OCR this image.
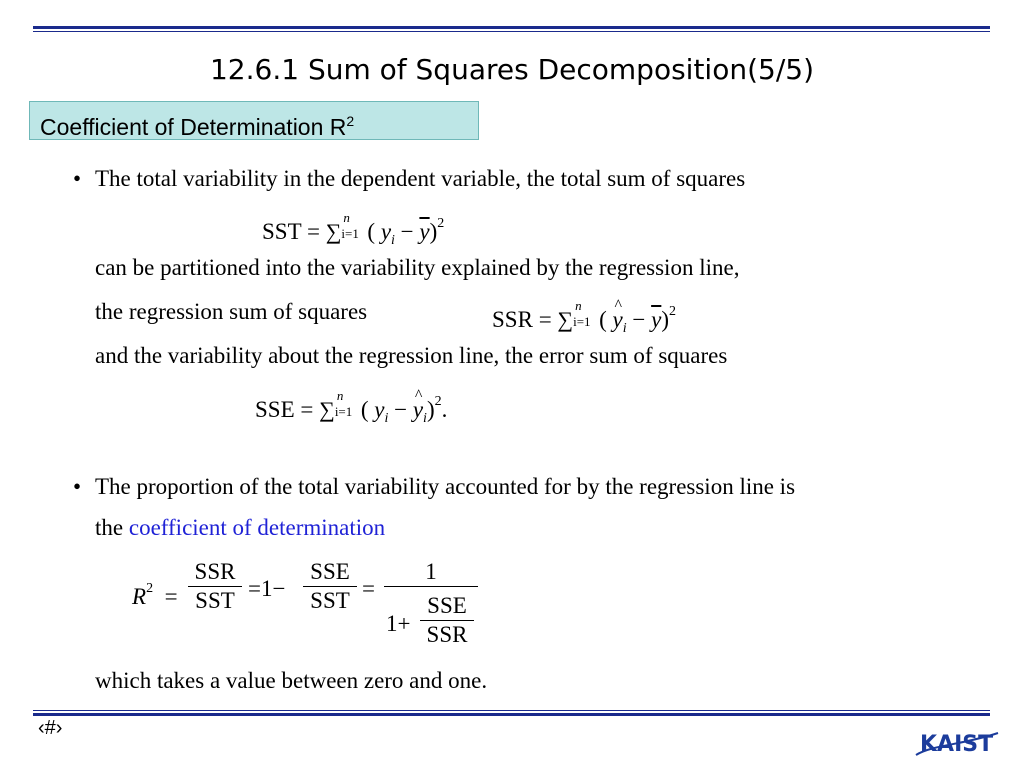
12.6.1 Sum of Squares Decomposition(5/5)
Coefficient of Determination $R^2$
• The total variability in the dependent variable, the total sum of squares
SST = ∑
n
i=1 ( $y_i - \overline{y})^2$
can be partitioned into the variability explained by the regression line,
the regression sum of squares	SSR = ∑
n
i=1 ( ^ $y_i - \overline{y})^2$
and the variability about the regression line, the error sum of squares
SSE = ∑
n
i=1 ( $y_i$ − ^ $y_i)^2$.
• The proportion of the total variability accounted for by the regression line is
the coefficient of determination
$R^2$ =
SSR
SST =1−
SSE
SST =
1
1+
SSE
SSR
which takes a value between zero and one.
‹#›
KAIST
